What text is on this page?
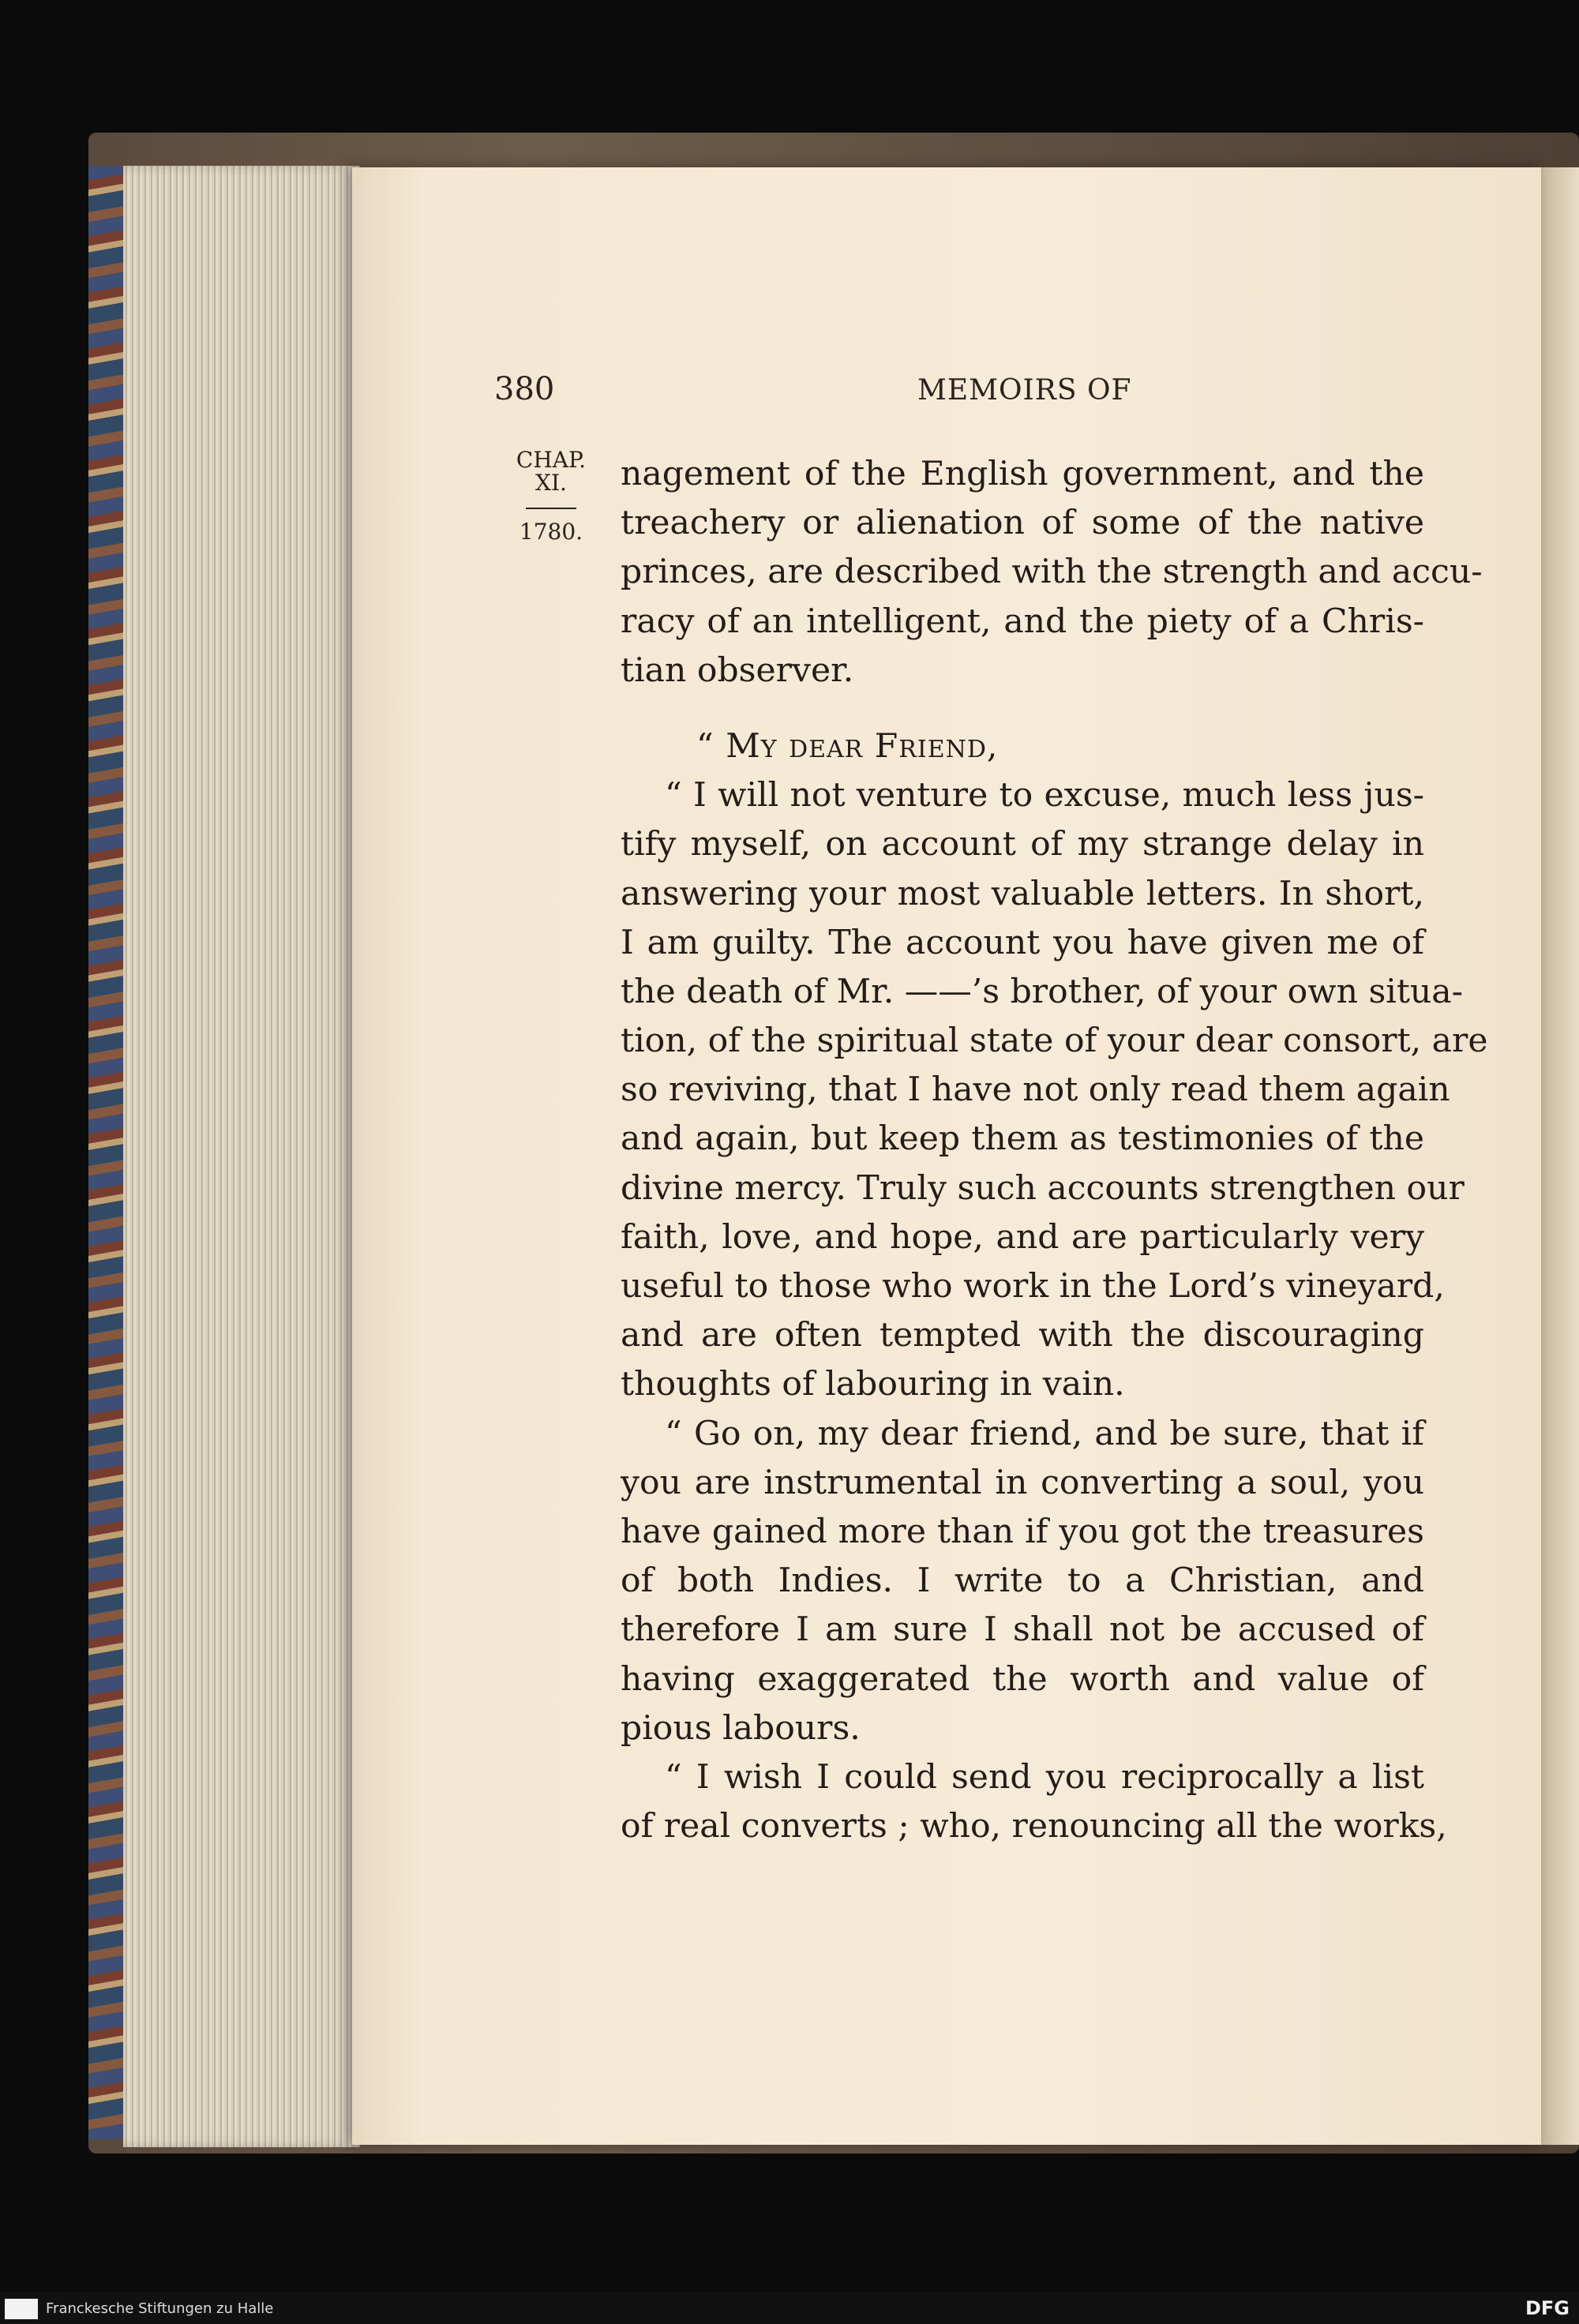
380	MEMOIRS OF
CHAP.
XI.
1780.
nagement of the English government, and the
treachery or alienation of some of the native
princes, are described with the strength and accu-
racy of an intelligent, and the piety of a Chris-
tian observer.
“ My dear Friend,
“ I will not venture to excuse, much less jus-
tify myself, on account of my strange delay in
answering your most valuable letters. In short,
I am guilty. The account you have given me of
the death of Mr. ——’s brother, of your own situa-
tion, of the spiritual state of your dear consort, are
so reviving, that I have not only read them again
and again, but keep them as testimonies of the
divine mercy. Truly such accounts strengthen our
faith, love, and hope, and are particularly very
useful to those who work in the Lord’s vineyard,
and are often tempted with the discouraging
thoughts of labouring in vain.
“ Go on, my dear friend, and be sure, that if
you are instrumental in converting a soul, you
have gained more than if you got the treasures
of both Indies. I write to a Christian, and
therefore I am sure I shall not be accused of
having exaggerated the worth and value of
pious labours.
“ I wish I could send you reciprocally a list
of real converts ; who, renouncing all the works,
Franckesche Stiftungen zu Halle	DFG
